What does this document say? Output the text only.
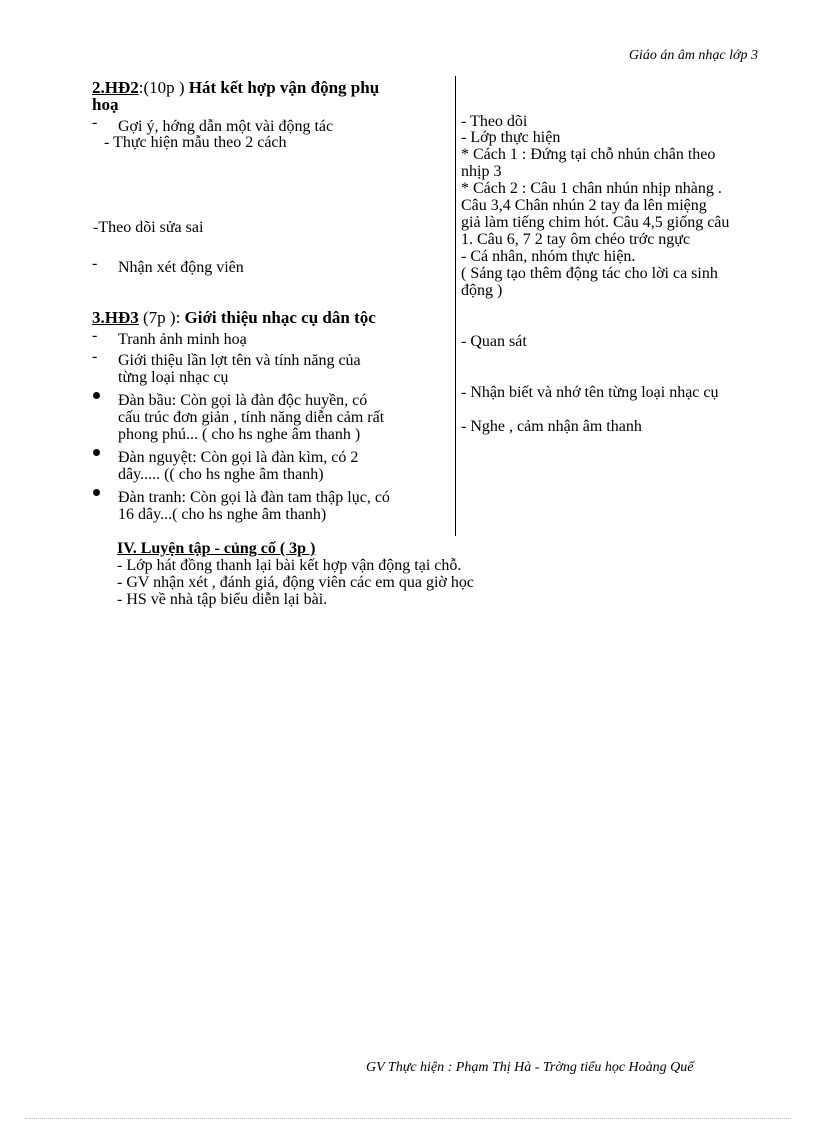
Giáo án âm nhạc lớp 3
2.HĐ2:(10p ) Hát kết hợp vận động phụ
hoạ
- Gợi ý, hớng dẫn một vài động tác
- Thực hiện mẫu theo 2 cách
-Theo dõi sửa sai
- Nhận xét động viên
3.HĐ3 (7p ): Giới thiệu nhạc cụ dân tộc
- Tranh ảnh minh hoạ
- Giới thiệu lần lợt tên và tính năng của
từng loại nhạc cụ
Đàn bầu: Còn gọi là đàn độc huyền, có
cấu trúc đơn giản , tính năng diễn cảm rất
phong phú... ( cho hs nghe âm thanh )
Đàn nguyệt: Còn gọi là đàn kìm, có 2
dây..... (( cho hs nghe âm thanh)
Đàn tranh: Còn gọi là đàn tam thập lục, có
16 dây...( cho hs nghe âm thanh)
- Theo dõi
- Lớp thực hiện
* Cách 1 : Đứng tại chỗ nhún chân theo
nhịp 3
* Cách 2 : Câu 1 chân nhún nhịp nhàng .
Câu 3,4 Chân nhún 2 tay đa lên miệng
giả làm tiếng chim hót. Câu 4,5 giống câu
1. Câu 6, 7 2 tay ôm chéo trớc ngực
- Cá nhân, nhóm thực hiện.
( Sáng tạo thêm động tác cho lời ca sinh
động )
- Quan sát
- Nhận biết và nhớ tên từng loại nhạc cụ
- Nghe , cảm nhận âm thanh
IV. Luyện tập - củng cố ( 3p )
- Lớp hát đồng thanh lại bài kết hợp vận động tại chỗ.
- GV nhận xét , đánh giá, động viên các em qua giờ học
- HS về nhà tập biểu diễn lại bài.
GV Thực hiện : Phạm Thị Hà - Trờng tiểu học Hoàng Quế
